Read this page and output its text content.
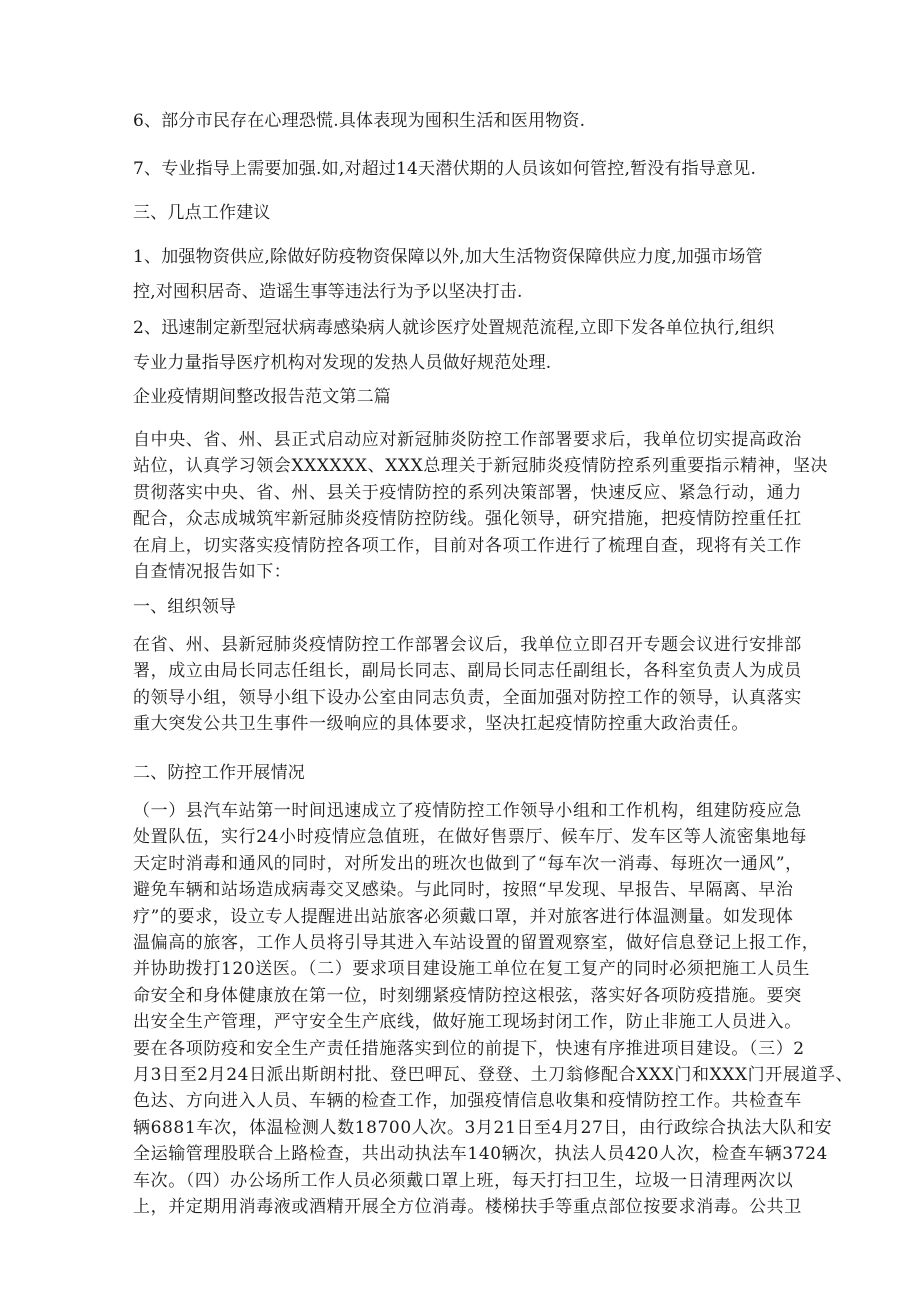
6、部分市民存在心理恐慌.具体表现为囤积生活和医用物资.

7、专业指导上需要加强.如,对超过14天潜伏期的人员该如何管控,暂没有指导意见.

三、几点工作建议

1、加强物资供应,除做好防疫物资保障以外,加大生活物资保障供应力度,加强市场管
控,对囤积居奇、造谣生事等违法行为予以坚决打击.

2、迅速制定新型冠状病毒感染病人就诊医疗处置规范流程,立即下发各单位执行,组织
专业力量指导医疗机构对发现的发热人员做好规范处理.

企业疫情期间整改报告范文第二篇

自中央、省、州、县正式启动应对新冠肺炎防控工作部署要求后，我单位切实提高政治
站位，认真学习领会XXXXXX、XXX总理关于新冠肺炎疫情防控系列重要指示精神，坚决
贯彻落实中央、省、州、县关于疫情防控的系列决策部署，快速反应、紧急行动，通力
配合，众志成城筑牢新冠肺炎疫情防控防线。强化领导，研究措施，把疫情防控重任扛
在肩上，切实落实疫情防控各项工作，目前对各项工作进行了梳理自查，现将有关工作
自查情况报告如下：

一、组织领导

在省、州、县新冠肺炎疫情防控工作部署会议后，我单位立即召开专题会议进行安排部
署，成立由局长同志任组长，副局长同志、副局长同志任副组长，各科室负责人为成员
的领导小组，领导小组下设办公室由同志负责，全面加强对防控工作的领导，认真落实
重大突发公共卫生事件一级响应的具体要求，坚决扛起疫情防控重大政治责任。

二、防控工作开展情况

（一）县汽车站第一时间迅速成立了疫情防控工作领导小组和工作机构，组建防疫应急
处置队伍，实行24小时疫情应急值班，在做好售票厅、候车厅、发车区等人流密集地每
天定时消毒和通风的同时，对所发出的班次也做到了“每车次一消毒、每班次一通风”，
避免车辆和站场造成病毒交叉感染。与此同时，按照“早发现、早报告、早隔离、早治
疗”的要求，设立专人提醒进出站旅客必须戴口罩，并对旅客进行体温测量。如发现体
温偏高的旅客，工作人员将引导其进入车站设置的留置观察室，做好信息登记上报工作，
并协助拨打120送医。（二）要求项目建设施工单位在复工复产的同时必须把施工人员生
命安全和身体健康放在第一位，时刻绷紧疫情防控这根弦，落实好各项防疫措施。要突
出安全生产管理，严守安全生产底线，做好施工现场封闭工作，防止非施工人员进入。
要在各项防疫和安全生产责任措施落实到位的前提下，快速有序推进项目建设。（三）2
月3日至2月24日派出斯朗村批、登巴呷瓦、登登、土刀翁修配合XXX门和XXX门开展道孚、
色达、方向进入人员、车辆的检查工作，加强疫情信息收集和疫情防控工作。共检查车
辆6881车次，体温检测人数18700人次。3月21日至4月27日，由行政综合执法大队和安
全运输管理股联合上路检查，共出动执法车140辆次，执法人员420人次，检查车辆3724
车次。（四）办公场所工作人员必须戴口罩上班，每天打扫卫生，垃圾一日清理两次以
上，并定期用消毒液或酒精开展全方位消毒。楼梯扶手等重点部位按要求消毒。公共卫
